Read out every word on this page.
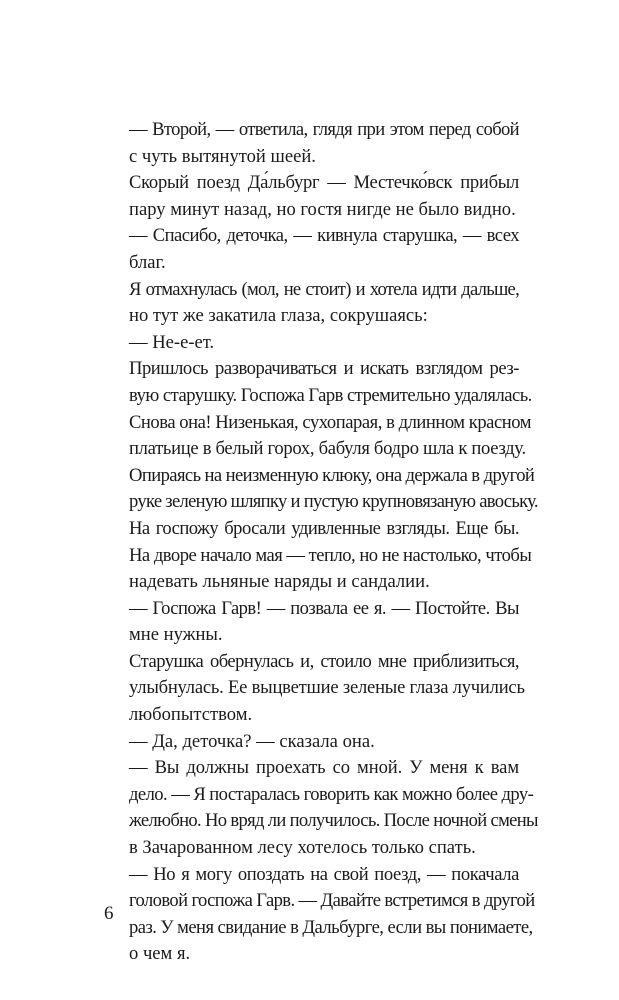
— Второй, — ответила, глядя при этом перед собой
с чуть вытянутой шеей.
Скорый поезд Да́льбург — Местечко́вск прибыл
пару минут назад, но гостя нигде не было видно.
— Спасибо, деточка, — кивнула старушка, — всех
благ.
Я отмахнулась (мол, не стоит) и хотела идти дальше,
но тут же закатила глаза, сокрушаясь:
— Не-е-ет.
Пришлось разворачиваться и искать взглядом рез-
вую старушку. Госпожа Гарв стремительно удалялась.
Снова она! Низенькая, сухопарая, в длинном красном
платьице в белый горох, бабуля бодро шла к поезду.
Опираясь на неизменную клюку, она держала в другой
руке зеленую шляпку и пустую крупновязаную авоську.
На госпожу бросали удивленные взгляды. Еще бы.
На дворе начало мая — тепло, но не настолько, чтобы
надевать льняные наряды и сандалии.
— Госпожа Гарв! — позвала ее я. — Постойте. Вы
мне нужны.
Старушка обернулась и, стоило мне приблизиться,
улыбнулась. Ее выцветшие зеленые глаза лучились
любопытством.
— Да, деточка? — сказала она.
— Вы должны проехать со мной. У меня к вам
дело. — Я постаралась говорить как можно более дру-
желюбно. Но вряд ли получилось. После ночной смены
в Зачарованном лесу хотелось только спать.
— Но я могу опоздать на свой поезд, — покачала
головой госпожа Гарв. — Давайте встретимся в другой
раз. У меня свидание в Дальбурге, если вы понимаете,
о чем я.
6
